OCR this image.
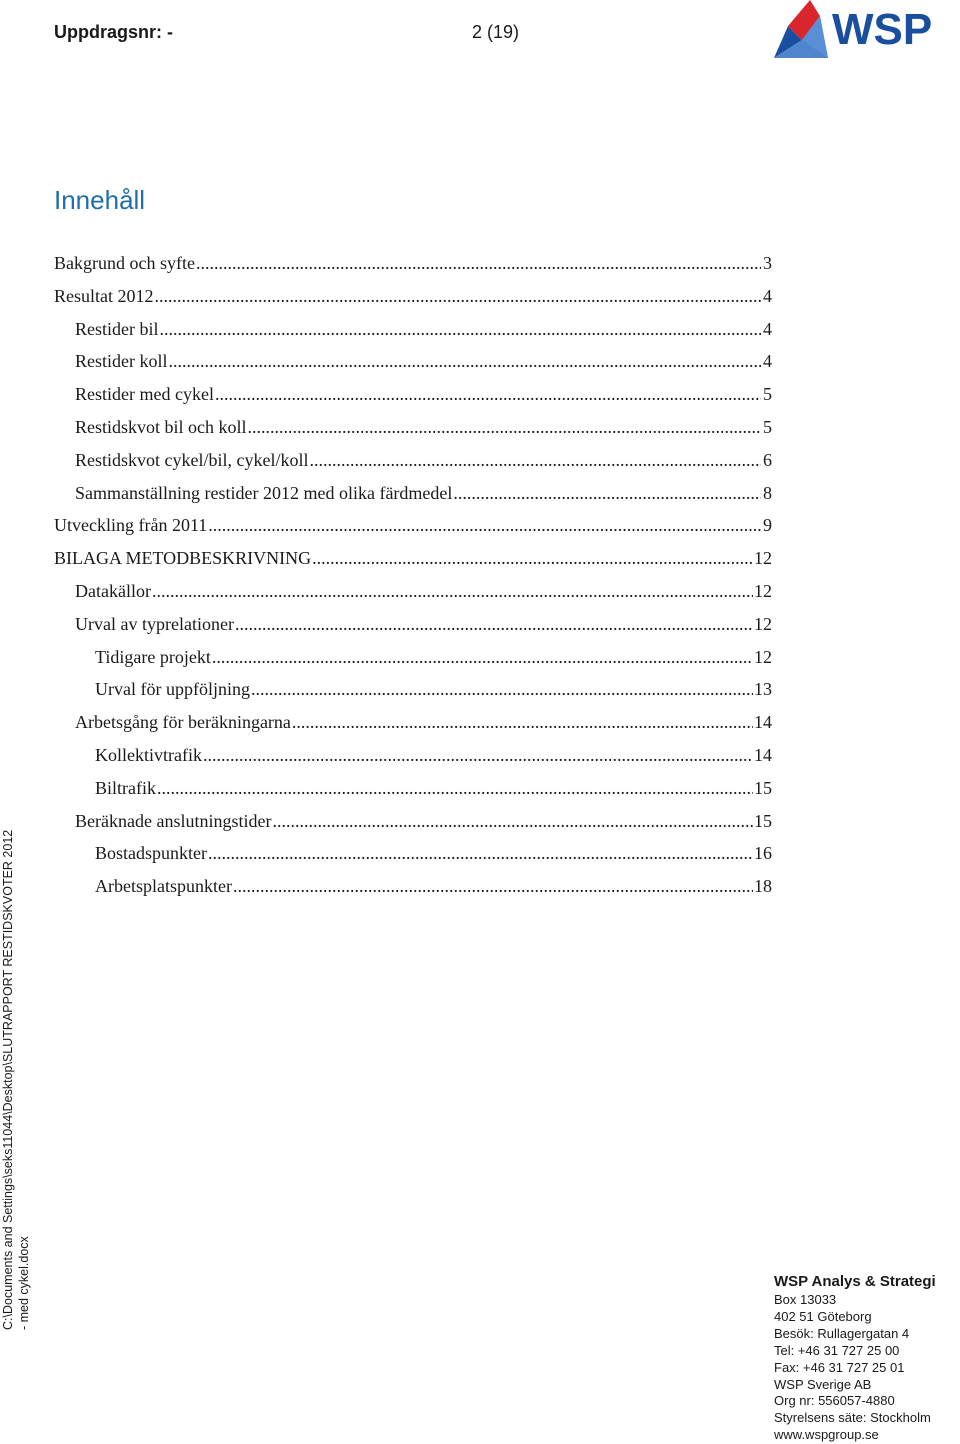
Uppdragsnr: -	2 (19)	WSP
Innehåll
Bakgrund och syfte .....	3
Resultat 2012 .....	4
Restider bil .....	4
Restider koll .....	4
Restider med cykel .....	5
Restidskvot bil och koll .....	5
Restidskvot cykel/bil, cykel/koll .....	6
Sammanställning restider 2012 med olika färdmedel .....	8
Utveckling från 2011 .....	9
BILAGA METODBESKRIVNING .....	12
Datakällor .....	12
Urval av typrelationer .....	12
Tidigare projekt .....	12
Urval för uppföljning .....	13
Arbetsgång för beräkningarna .....	14
Kollektivtrafik .....	14
Biltrafik .....	15
Beräknade anslutningstider .....	15
Bostadspunkter .....	16
Arbetsplatspunkter .....	18
C:\Documents and Settings\seks11044\Desktop\SLUTRAPPORT RESTIDSKVOTER 2012 - med cykel.docx	WSP Analys & Strategi
Box 13033
402 51 Göteborg
Besök: Rullagergatan 4
Tel: +46 31 727 25 00
Fax: +46 31 727 25 01
WSP Sverige AB
Org nr: 556057-4880
Styrelsens säte: Stockholm
www.wspgroup.se
